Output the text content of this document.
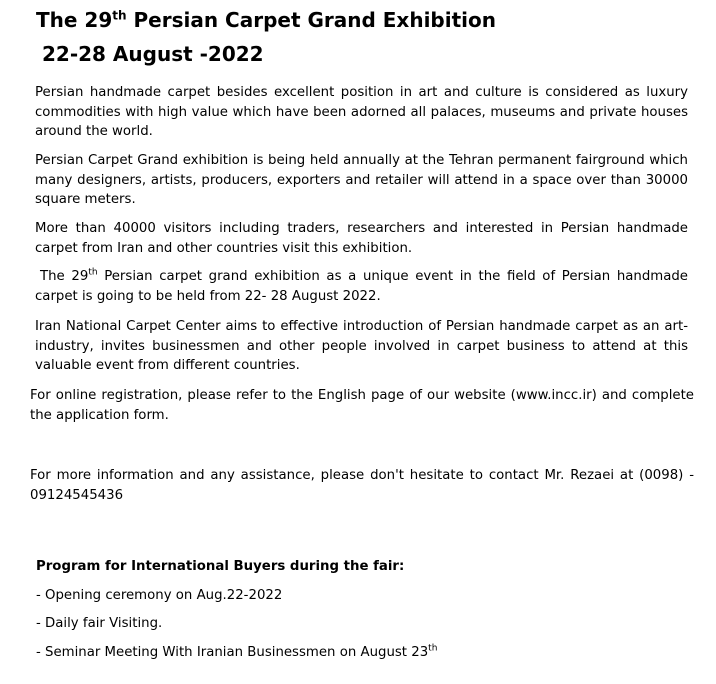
The 29th Persian Carpet Grand Exhibition
22-28 August -2022

Persian handmade carpet besides excellent position in art and culture is considered as luxury commodities with high value which have been adorned all palaces, museums and private houses around the world.

Persian Carpet Grand exhibition is being held annually at the Tehran permanent fairground which many designers, artists, producers, exporters and retailer will attend in a space over than 30000 square meters.

More than 40000 visitors including traders, researchers and interested in Persian handmade carpet from Iran and other countries visit this exhibition.

The 29th Persian carpet grand exhibition as a unique event in the field of Persian handmade carpet is going to be held from 22- 28 August 2022.

Iran National Carpet Center aims to effective introduction of Persian handmade carpet as an art- industry, invites businessmen and other people involved in carpet business to attend at this valuable event from different countries.

For online registration, please refer to the English page of our website (www.incc.ir) and complete the application form.

For more information and any assistance, please don't hesitate to contact Mr. Rezaei at (0098) - 09124545436

Program for International Buyers during the fair:

- Opening ceremony on Aug.22-2022

- Daily fair Visiting.

- Seminar Meeting With Iranian Businessmen on August 23th
